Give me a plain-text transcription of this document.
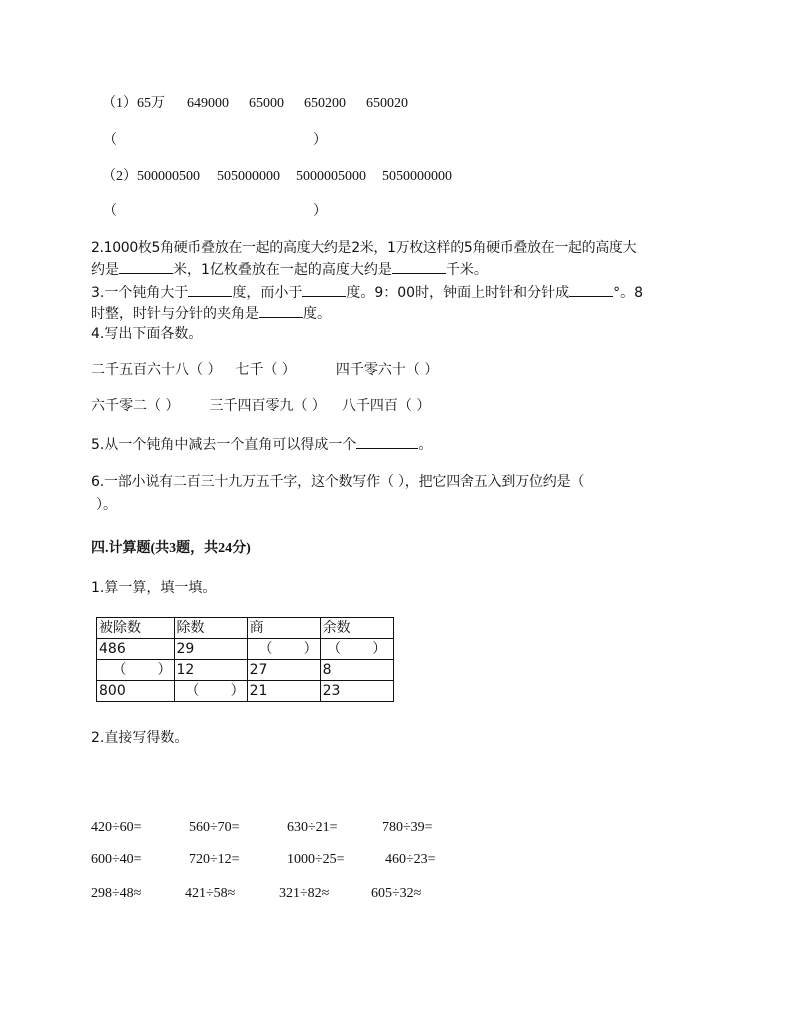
（1）65万 649000 65000 650200 650020
（	）
（2）500000500 505000000 5000005000 5050000000
（	）
2.1000枚5角硬币叠放在一起的高度大约是2米，1万枚这样的5角硬币叠放在一起的高度大
约是	米，1亿枚叠放在一起的高度大约是	千米。
3.一个钝角大于	度，而小于	度。9：00时，钟面上时针和分针成	°。8
时整，时针与分针的夹角是	度。
4.写出下面各数。
二千五百六十八（ ） 七千（ ）	四千零六十（ ）
六千零二（ ） 三千四百零九（ ） 八千四百（ ）
5.从一个钝角中减去一个直角可以得成一个	。
6.一部小说有二百三十九万五千字，这个数写作（ ），把它四舍五入到万位约是（
）。
四.计算题(共3题，共24分)
1.算一算，填一填。
被除数	除数	商	余数
486	29	（       ）	（       ）
（       ）	12	27	8
800	（       ）	21	23
2.直接写得数。
420÷60=	560÷70=	630÷21=	780÷39=
600÷40=	720÷12=	1000÷25=	460÷23=
298÷48≈	421÷58≈	321÷82≈	605÷32≈
